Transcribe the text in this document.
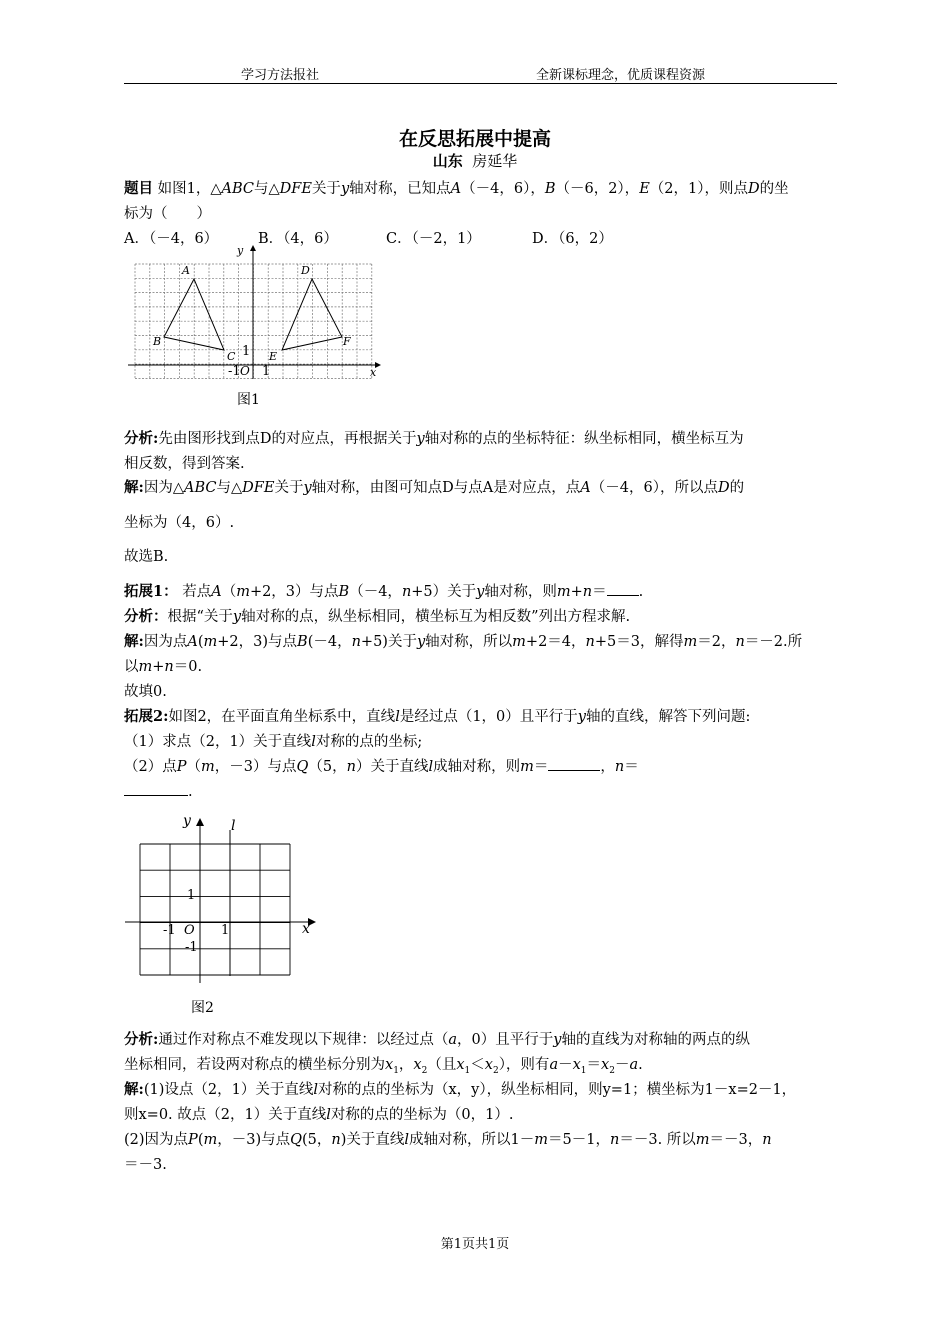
学习方法报社	全新课标理念，优质课程资源
在反思拓展中提高
山东 房延华
题目 如图1，△ABC与△DFE关于y轴对称，已知点A（－4，6），B（－6，2），E（2，1），则点D的坐
标为（　　）
A．（－4，6）	B．（4，6）	C．（－2，1）	D．（6，2）
A
B
C
D
E
F
y
x
1
-1 O 1
图1
分析:先由图形找到点D的对应点，再根据关于y轴对称的点的坐标特征：纵坐标相同，横坐标互为
相反数，得到答案.
解:因为△ABC与△DFE关于y轴对称，由图可知点D与点A是对应点，点A（－4，6），所以点D的
坐标为（4，6）.
故选B.
拓展1： 若点A（m+2，3）与点B（－4，n+5）关于y轴对称，则m+n＝ .
分析：根据“关于y轴对称的点，纵坐标相同，横坐标互为相反数”列出方程求解.
解:因为点A(m+2，3)与点B(－4，n+5)关于y轴对称，所以m+2＝4，n+5＝3，解得m＝2，n＝－2.所
以m+n＝0.
故填0.
拓展2:如图2，在平面直角坐标系中，直线l是经过点（1，0）且平行于y轴的直线，解答下列问题:
（1）求点（2，1）关于直线l对称的点的坐标;
（2）点P（m，－3）与点Q（5，n）关于直线l成轴对称，则m＝	，n＝
.
y	l
x
1
-1 O 1
-1
图2
分析:通过作对称点不难发现以下规律：以经过点（a，0）且平行于y轴的直线为对称轴的两点的纵
坐标相同，若设两对称点的横坐标分别为$x_1$，$x_2$（且$x_1<x_2$），则有$a-x_1=x_2-a$.
解:(1)设点（2，1）关于直线l对称的点的坐标为（x，y），纵坐标相同，则y=1；横坐标为1－x=2－1，
则x=0. 故点（2，1）关于直线l对称的点的坐标为（0，1）.
(2)因为点P(m，－3)与点Q(5，n)关于直线l成轴对称，所以1－m＝5－1，n＝－3. 所以m＝－3，n
＝－3.
第1页共1页
